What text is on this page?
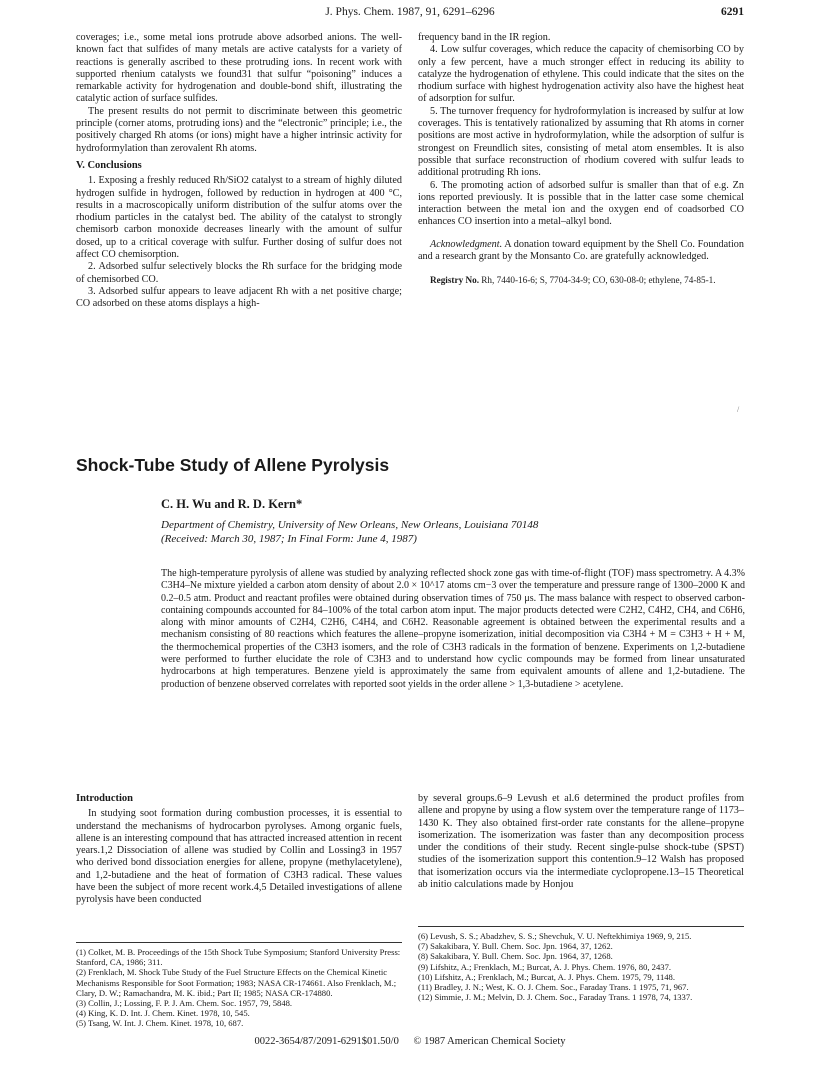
J. Phys. Chem. 1987, 91, 6291–6296	6291

coverages; i.e., some metal ions protrude above adsorbed anions. The well-known fact that sulfides of many metals are active catalysts for a variety of reactions is generally ascribed to these protruding ions. In recent work with supported rhenium catalysts we found31 that sulfur “poisoning” induces a remarkable activity for hydrogenation and double-bond shift, illustrating the catalytic action of surface sulfides.

The present results do not permit to discriminate between this geometric principle (corner atoms, protruding ions) and the “electronic” principle; i.e., the positively charged Rh atoms (or ions) might have a higher intrinsic activity for hydroformylation than zerovalent Rh atoms.

V. Conclusions

1. Exposing a freshly reduced Rh/SiO2 catalyst to a stream of highly diluted hydrogen sulfide in hydrogen, followed by reduction in hydrogen at 400 °C, results in a macroscopically uniform distribution of the sulfur atoms over the rhodium particles in the catalyst bed. The ability of the catalyst to strongly chemisorb carbon monoxide decreases linearly with the amount of sulfur dosed, up to a critical coverage with sulfur. Further dosing of sulfur does not affect CO chemisorption.

2. Adsorbed sulfur selectively blocks the Rh surface for the bridging mode of chemisorbed CO.

3. Adsorbed sulfur appears to leave adjacent Rh with a net positive charge; CO adsorbed on these atoms displays a high-

frequency band in the IR region.

4. Low sulfur coverages, which reduce the capacity of chemisorbing CO by only a few percent, have a much stronger effect in reducing its ability to catalyze the hydrogenation of ethylene. This could indicate that the sites on the rhodium surface with highest hydrogenation activity also have the highest heat of adsorption for sulfur.

5. The turnover frequency for hydroformylation is increased by sulfur at low coverages. This is tentatively rationalized by assuming that Rh atoms in corner positions are most active in hydroformylation, while the adsorption of sulfur is strongest on Freundlich sites, consisting of metal atom ensembles. It is also possible that surface reconstruction of rhodium covered with sulfur leads to additional protruding Rh ions.

6. The promoting action of adsorbed sulfur is smaller than that of e.g. Zn ions reported previously. It is possible that in the latter case some chemical interaction between the metal ion and the oxygen end of coadsorbed CO enhances CO insertion into a metal–alkyl bond.

Acknowledgment. A donation toward equipment by the Shell Co. Foundation and a research grant by the Monsanto Co. are gratefully acknowledged.

Registry No. Rh, 7440-16-6; S, 7704-34-9; CO, 630-08-0; ethylene, 74-85-1.

/
Shock-Tube Study of Allene Pyrolysis
C. H. Wu and R. D. Kern*
Department of Chemistry, University of New Orleans, New Orleans, Louisiana 70148
(Received: March 30, 1987; In Final Form: June 4, 1987)
The high-temperature pyrolysis of allene was studied by analyzing reflected shock zone gas with time-of-flight (TOF) mass spectrometry. A 4.3% C3H4–Ne mixture yielded a carbon atom density of about 2.0 × 10^17 atoms cm−3 over the temperature and pressure range of 1300–2000 K and 0.2–0.5 atm. Product and reactant profiles were obtained during observation times of 750 μs. The mass balance with respect to observed carbon-containing compounds accounted for 84–100% of the total carbon atom input. The major products detected were C2H2, C4H2, CH4, and C6H6, along with minor amounts of C2H4, C2H6, C4H4, and C6H2. Reasonable agreement is obtained between the experimental results and a mechanism consisting of 80 reactions which features the allene–propyne isomerization, initial decomposition via C3H4 + M = C3H3 + H + M, the thermochemical properties of the C3H3 isomers, and the role of C3H3 radicals in the formation of benzene. Experiments on 1,2-butadiene were performed to further elucidate the role of C3H3 and to understand how cyclic compounds may be formed from linear unsaturated hydrocarbons at high temperatures. Benzene yield is approximately the same from equivalent amounts of allene and 1,2-butadiene. The production of benzene observed correlates with reported soot yields in the order allene > 1,3-butadiene > acetylene.

Introduction

In studying soot formation during combustion processes, it is essential to understand the mechanisms of hydrocarbon pyrolyses. Among organic fuels, allene is an interesting compound that has attracted increased attention in recent years.1,2 Dissociation of allene was studied by Collin and Lossing3 in 1957 who derived bond dissociation energies for allene, propyne (methylacetylene), and 1,2-butadiene and the heat of formation of C3H3 radical. These values have been the subject of more recent work.4,5 Detailed investigations of allene pyrolysis have been conducted

by several groups.6–9 Levush et al.6 determined the product profiles from allene and propyne by using a flow system over the temperature range of 1173–1430 K. They also obtained first-order rate constants for the allene–propyne isomerization. The isomerization was faster than any decomposition process under the conditions of their study. Recent single-pulse shock-tube (SPST) studies of the isomerization support this contention.9–12 Walsh has proposed that isomerization occurs via the intermediate cyclopropene.13–15 Theoretical ab initio calculations made by Honjou

(1) Colket, M. B. Proceedings of the 15th Shock Tube Symposium; Stanford University Press: Stanford, CA, 1986; 311.

(2) Frenklach, M. Shock Tube Study of the Fuel Structure Effects on the Chemical Kinetic Mechanisms Responsible for Soot Formation; 1983; NASA CR-174661. Also Frenklach, M.; Clary, D. W.; Ramachandra, M. K. ibid.; Part II; 1985; NASA CR-174880.

(3) Collin, J.; Lossing, F. P. J. Am. Chem. Soc. 1957, 79, 5848.

(4) King, K. D. Int. J. Chem. Kinet. 1978, 10, 545.

(5) Tsang, W. Int. J. Chem. Kinet. 1978, 10, 687.

(6) Levush, S. S.; Abadzhev, S. S.; Shevchuk, V. U. Neftekhimiya 1969, 9, 215.

(7) Sakakibara, Y. Bull. Chem. Soc. Jpn. 1964, 37, 1262.

(8) Sakakibara, Y. Bull. Chem. Soc. Jpn. 1964, 37, 1268.

(9) Lifshitz, A.; Frenklach, M.; Burcat, A. J. Phys. Chem. 1976, 80, 2437.

(10) Lifshitz, A.; Frenklach, M.; Burcat, A. J. Phys. Chem. 1975, 79, 1148.

(11) Bradley, J. N.; West, K. O. J. Chem. Soc., Faraday Trans. 1 1975, 71, 967.

(12) Simmie, J. M.; Melvin, D. J. Chem. Soc., Faraday Trans. 1 1978, 74, 1337.

0022-3654/87/2091-6291$01.50/0 © 1987 American Chemical Society
